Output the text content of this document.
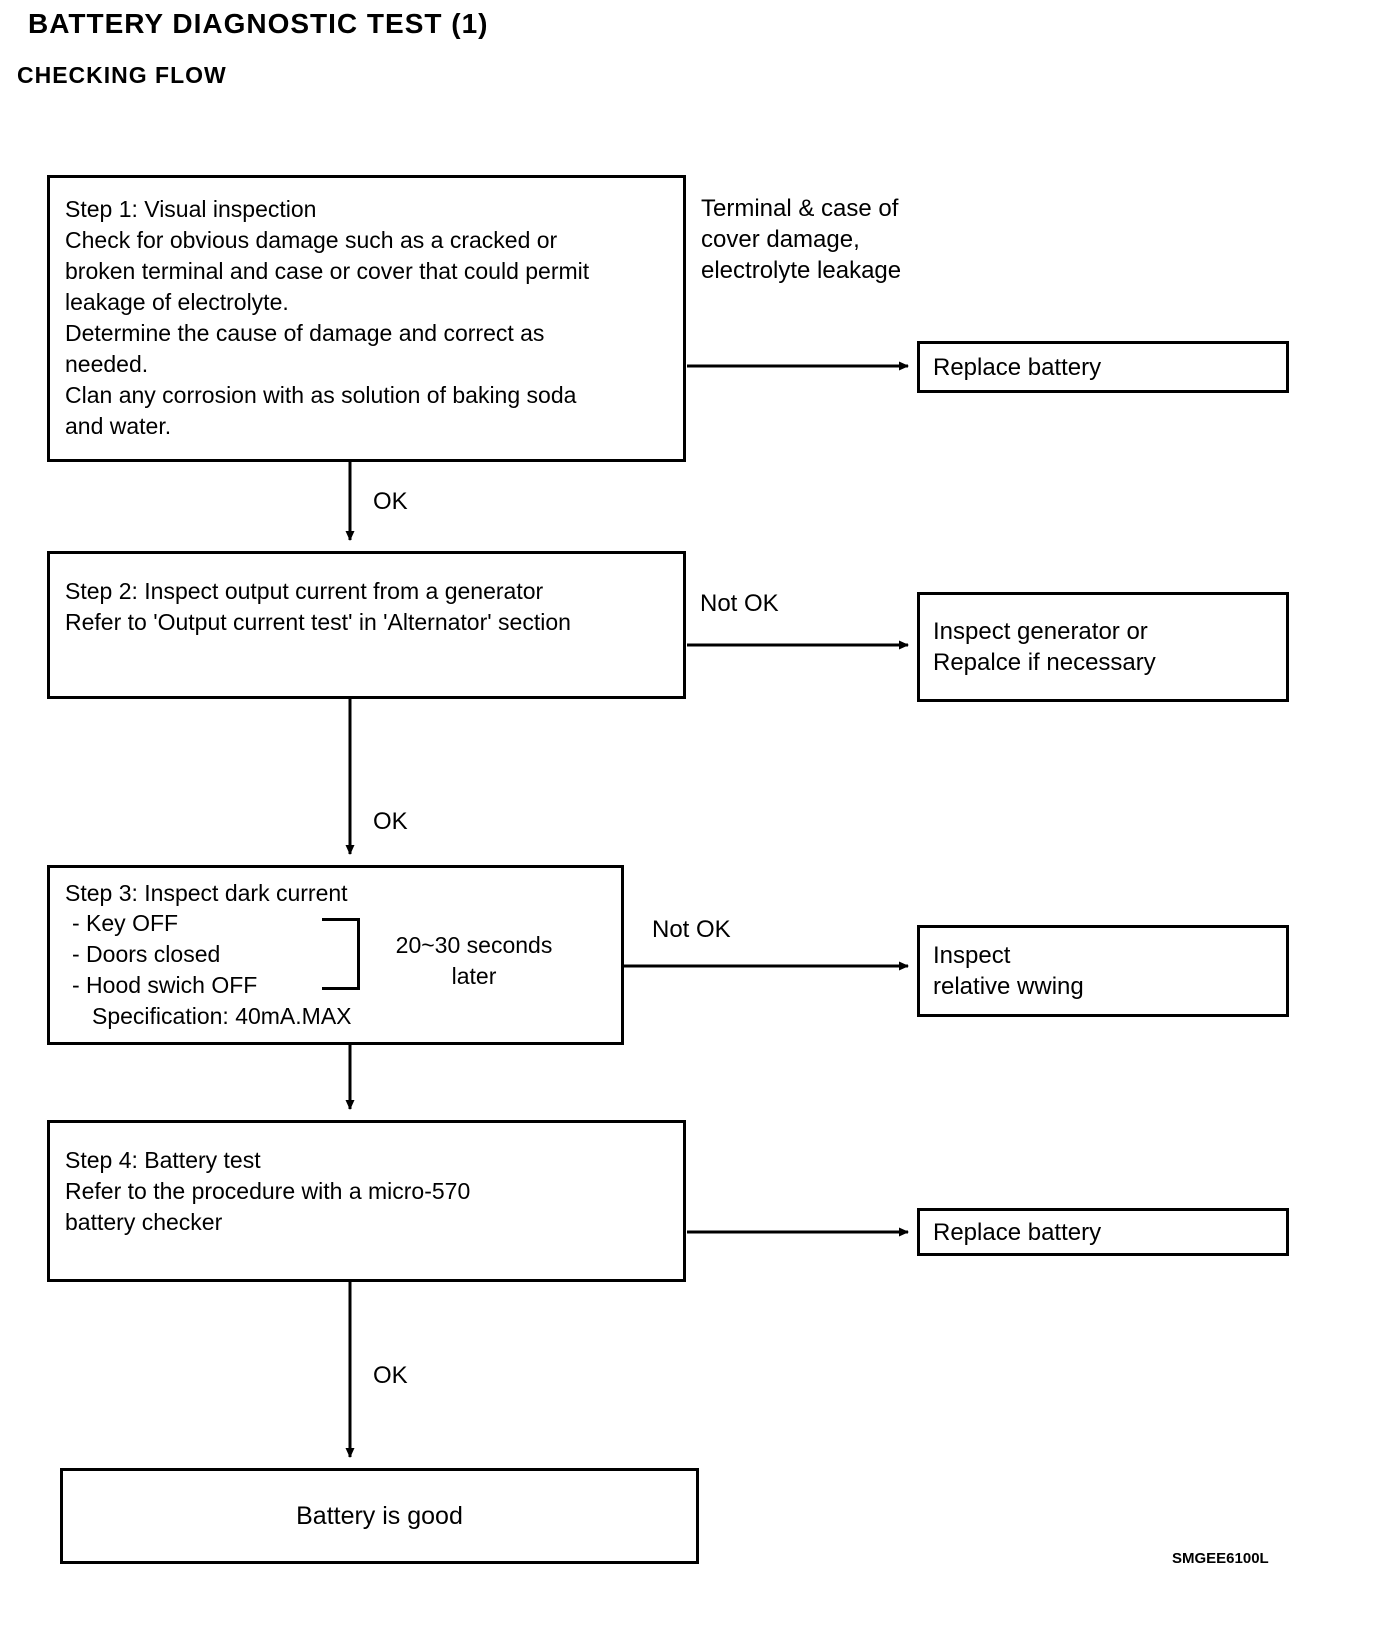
BATTERY DIAGNOSTIC TEST (1)
CHECKING FLOW
Step 1: Visual inspection
Check for obvious damage such as a cracked or
broken terminal and case or cover that could permit
leakage of electrolyte.
Determine the cause of damage and correct as
needed.
Clan any corrosion with as solution of baking soda
and water.
Terminal & case of
cover damage,
electrolyte leakage
Replace battery
OK
Step 2: Inspect output current from a generator
Refer to 'Output current test' in 'Alternator' section
Not OK
Inspect generator or
Repalce if necessary
OK
Step 3: Inspect dark current
- Key OFF
- Doors closed
- Hood swich OFF
20~30 seconds
later
Specification: 40mA.MAX
Not OK
Inspect
relative wwing
Step 4: Battery test
Refer to the procedure with a micro-570
battery checker	Replace battery
OK
Battery is good
SMGEE6100L
